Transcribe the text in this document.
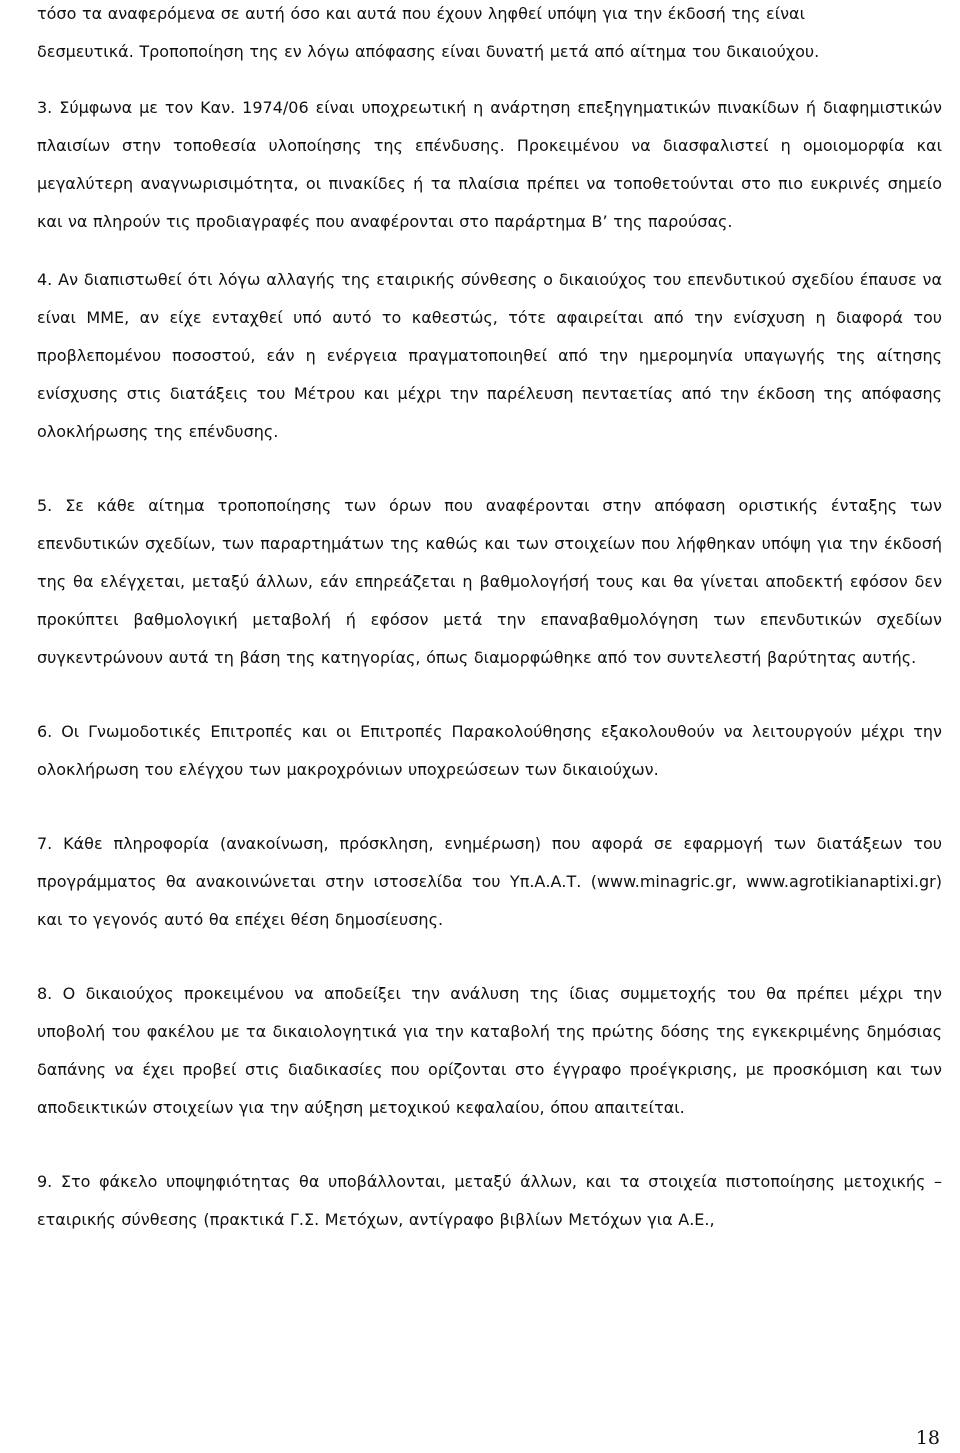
τόσο τα αναφερόμενα σε αυτή όσο και αυτά που έχουν ληφθεί υπόψη για την έκδοσή της είναι
δεσμευτικά. Τροποποίηση της εν λόγω απόφασης είναι δυνατή μετά από αίτημα του δικαιούχου.

3. Σύμφωνα με τον Καν. 1974/06 είναι υποχρεωτική η ανάρτηση επεξηγηματικών πινακίδων ή διαφημιστικών πλαισίων στην τοποθεσία υλοποίησης της επένδυσης. Προκειμένου να διασφαλιστεί η ομοιομορφία και μεγαλύτερη αναγνωρισιμότητα, οι πινακίδες ή τα πλαίσια πρέπει να τοποθετούνται στο πιο ευκρινές σημείο και να πληρούν τις προδιαγραφές που αναφέρονται στο παράρτημα Β’ της παρούσας.

4. Αν διαπιστωθεί ότι λόγω αλλαγής της εταιρικής σύνθεσης ο δικαιούχος του επενδυτικού σχεδίου έπαυσε να είναι ΜΜΕ, αν είχε ενταχθεί υπό αυτό το καθεστώς, τότε αφαιρείται από την ενίσχυση η διαφορά του προβλεπομένου ποσοστού, εάν η ενέργεια πραγματοποιηθεί από την ημερομηνία υπαγωγής της αίτησης ενίσχυσης στις διατάξεις του Μέτρου και μέχρι την παρέλευση πενταετίας από την έκδοση της απόφασης ολοκλήρωσης της επένδυσης.

5. Σε κάθε αίτημα τροποποίησης των όρων που αναφέρονται στην απόφαση οριστικής ένταξης των επενδυτικών σχεδίων, των παραρτημάτων της καθώς και των στοιχείων που λήφθηκαν υπόψη για την έκδοσή της θα ελέγχεται, μεταξύ άλλων, εάν επηρεάζεται η βαθμολογήσή τους και θα γίνεται αποδεκτή εφόσον δεν προκύπτει βαθμολογική μεταβολή ή εφόσον μετά την επαναβαθμολόγηση των επενδυτικών σχεδίων συγκεντρώνουν αυτά τη βάση της κατηγορίας, όπως διαμορφώθηκε από τον συντελεστή βαρύτητας αυτής.

6. Οι Γνωμοδοτικές Επιτροπές και οι Επιτροπές Παρακολούθησης εξακολουθούν να λειτουργούν μέχρι την ολοκλήρωση του ελέγχου των μακροχρόνιων υποχρεώσεων των δικαιούχων.

7. Κάθε πληροφορία (ανακοίνωση, πρόσκληση, ενημέρωση) που αφορά σε εφαρμογή των διατάξεων του προγράμματος θα ανακοινώνεται στην ιστοσελίδα του Υπ.Α.Α.Τ. (www.minagric.gr, www.agrotikianaptixi.gr) και το γεγονός αυτό θα επέχει θέση δημοσίευσης.

8. Ο δικαιούχος προκειμένου να αποδείξει την ανάλυση της ίδιας συμμετοχής του θα πρέπει μέχρι την υποβολή του φακέλου με τα δικαιολογητικά για την καταβολή της πρώτης δόσης της εγκεκριμένης δημόσιας δαπάνης να έχει προβεί στις διαδικασίες που ορίζονται στο έγγραφο προέγκρισης, με προσκόμιση και των αποδεικτικών στοιχείων για την αύξηση μετοχικού κεφαλαίου, όπου απαιτείται.

9. Στο φάκελο υποψηφιότητας θα υποβάλλονται, μεταξύ άλλων, και τα στοιχεία πιστοποίησης μετοχικής – εταιρικής σύνθεσης (πρακτικά Γ.Σ. Μετόχων, αντίγραφο βιβλίων Μετόχων για Α.Ε.,

18
